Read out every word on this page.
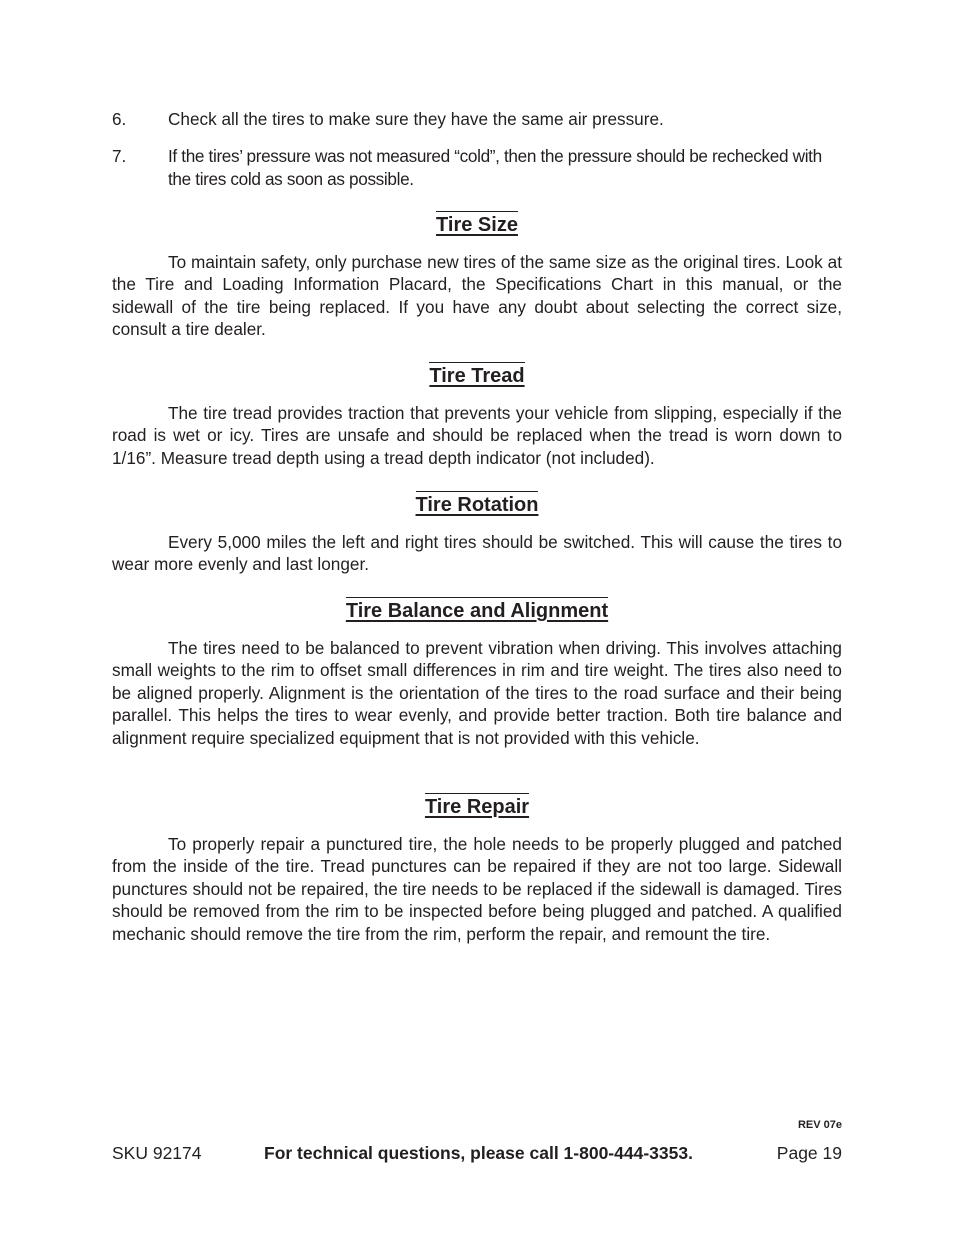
6. Check all the tires to make sure they have the same air pressure.
7. If the tires’ pressure was not measured “cold”, then the pressure should be rechecked with the tires cold as soon as possible.
Tire Size

To maintain safety, only purchase new tires of the same size as the original tires. Look at the Tire and Loading Information Placard, the Specifications Chart in this manual, or the sidewall of the tire being replaced. If you have any doubt about selecting the correct size, consult a tire dealer.

Tire Tread

The tire tread provides traction that prevents your vehicle from slipping, especially if the road is wet or icy. Tires are unsafe and should be replaced when the tread is worn down to 1/16”. Measure tread depth using a tread depth indicator (not included).

Tire Rotation

Every 5,000 miles the left and right tires should be switched. This will cause the tires to wear more evenly and last longer.

Tire Balance and Alignment

The tires need to be balanced to prevent vibration when driving. This involves attaching small weights to the rim to offset small differences in rim and tire weight. The tires also need to be aligned properly. Alignment is the orientation of the tires to the road surface and their being parallel. This helps the tires to wear evenly, and provide better traction. Both tire balance and alignment require specialized equipment that is not provided with this vehicle.

Tire Repair

To properly repair a punctured tire, the hole needs to be properly plugged and patched from the inside of the tire. Tread punctures can be repaired if they are not too large. Sidewall punctures should not be repaired, the tire needs to be replaced if the sidewall is damaged. Tires should be removed from the rim to be inspected before being plugged and patched. A qualified mechanic should remove the tire from the rim, perform the repair, and remount the tire.

REV 07e
SKU 92174	For technical questions, please call 1-800-444-3353.	Page 19
